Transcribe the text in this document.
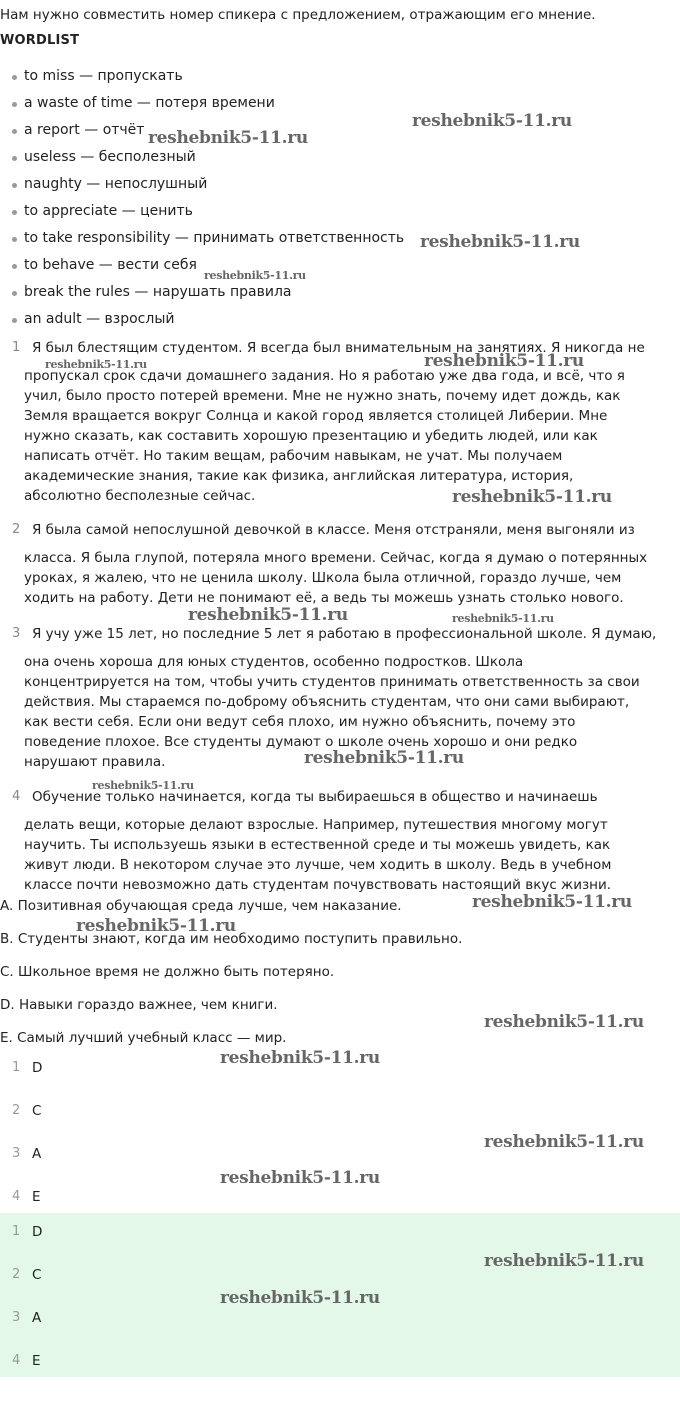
Нам нужно совместить номер спикера с предложением, отражающим его мнение.
WORDLIST
to miss — пропускать
a waste of time — потеря времени
a report — отчёт
useless — бесполезный
naughty — непослушный
to appreciate — ценить
to take responsibility — принимать ответственность
to behave — вести себя
break the rules — нарушать правила
an adult — взрослый
1 Я был блестящим студентом. Я всегда был внимательным на занятиях. Я никогда не
пропускал срок сдачи домашнего задания. Но я работаю уже два года, и всё, что я
учил, было просто потерей времени. Мне не нужно знать, почему идет дождь, как
Земля вращается вокруг Солнца и какой город является столицей Либерии. Мне
нужно сказать, как составить хорошую презентацию и убедить людей, или как
написать отчёт. Но таким вещам, рабочим навыкам, не учат. Мы получаем
академические знания, такие как физика, английская литература, история,
абсолютно бесполезные сейчас.
2 Я была самой непослушной девочкой в классе. Меня отстраняли, меня выгоняли из
класса. Я была глупой, потеряла много времени. Сейчас, когда я думаю о потерянных
уроках, я жалею, что не ценила школу. Школа была отличной, гораздо лучше, чем
ходить на работу. Дети не понимают её, а ведь ты можешь узнать столько нового.
3 Я учу уже 15 лет, но последние 5 лет я работаю в профессиональной школе. Я думаю,
она очень хороша для юных студентов, особенно подростков. Школа
концентрируется на том, чтобы учить студентов принимать ответственность за свои
действия. Мы стараемся по-доброму объяснить студентам, что они сами выбирают,
как вести себя. Если они ведут себя плохо, им нужно объяснить, почему это
поведение плохое. Все студенты думают о школе очень хорошо и они редко
нарушают правила.
4 Обучение только начинается, когда ты выбираешься в общество и начинаешь
делать вещи, которые делают взрослые. Например, путешествия многому могут
научить. Ты используешь языки в естественной среде и ты можешь увидеть, как
живут люди. В некотором случае это лучше, чем ходить в школу. Ведь в учебном
классе почти невозможно дать студентам почувствовать настоящий вкус жизни.
A. Позитивная обучающая среда лучше, чем наказание.
B. Студенты знают, когда им необходимо поступить правильно.
C. Школьное время не должно быть потеряно.
D. Навыки гораздо важнее, чем книги.
E. Самый лучший учебный класс — мир.
1 D
2 C
3 A
4 E
1 D
2 C
3 A
4 E
reshebnik5-11.ru
reshebnik5-11.ru
reshebnik5-11.ru
reshebnik5-11.ru
reshebnik5-11.ru	reshebnik5-11.ru
reshebnik5-11.ru
reshebnik5-11.ru	reshebnik5-11.ru
reshebnik5-11.ru
reshebnik5-11.ru
reshebnik5-11.ru
reshebnik5-11.ru
reshebnik5-11.ru
reshebnik5-11.ru
reshebnik5-11.ru
reshebnik5-11.ru
reshebnik5-11.ru
reshebnik5-11.ru
